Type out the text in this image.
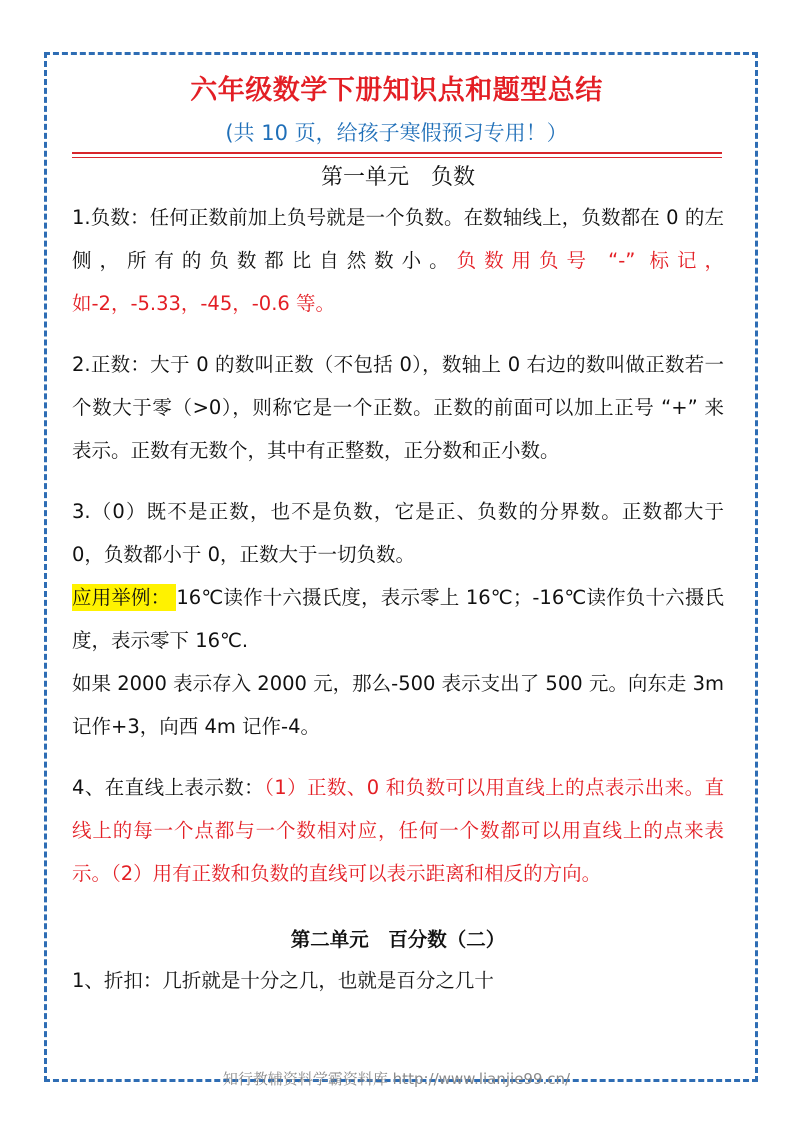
六年级数学下册知识点和题型总结
(共 10 页，给孩子寒假预习专用！）

第一单元　负数

1.负数：任何正数前加上负号就是一个负数。在数轴线上，负数都在 0 的左侧，所有的负数都比自然数小。负数用负号 “-” 标记，如-2，-5.33，-45，-0.6 等。

2.正数：大于 0 的数叫正数（不包括 0），数轴上 0 右边的数叫做正数若一个数大于零（>0），则称它是一个正数。正数的前面可以加上正号 “+” 来表示。正数有无数个，其中有正整数，正分数和正小数。

3.（0）既不是正数，也不是负数，它是正、负数的分界数。正数都大于 0，负数都小于 0，正数大于一切负数。

应用举例： 16℃读作十六摄氏度，表示零上 16℃；-16℃读作负十六摄氏度，表示零下 16℃.

如果 2000 表示存入 2000 元，那么-500 表示支出了 500 元。向东走 3m 记作+3，向西 4m 记作-4。

4、在直线上表示数：（1）正数、0 和负数可以用直线上的点表示出来。直线上的每一个点都与一个数相对应，任何一个数都可以用直线上的点来表示。（2）用有正数和负数的直线可以表示距离和相反的方向。

第二单元　百分数（二）

1、折扣：几折就是十分之几，也就是百分之几十

知行教辅资料学霸资料库 http://www.lianjie99.cn/
